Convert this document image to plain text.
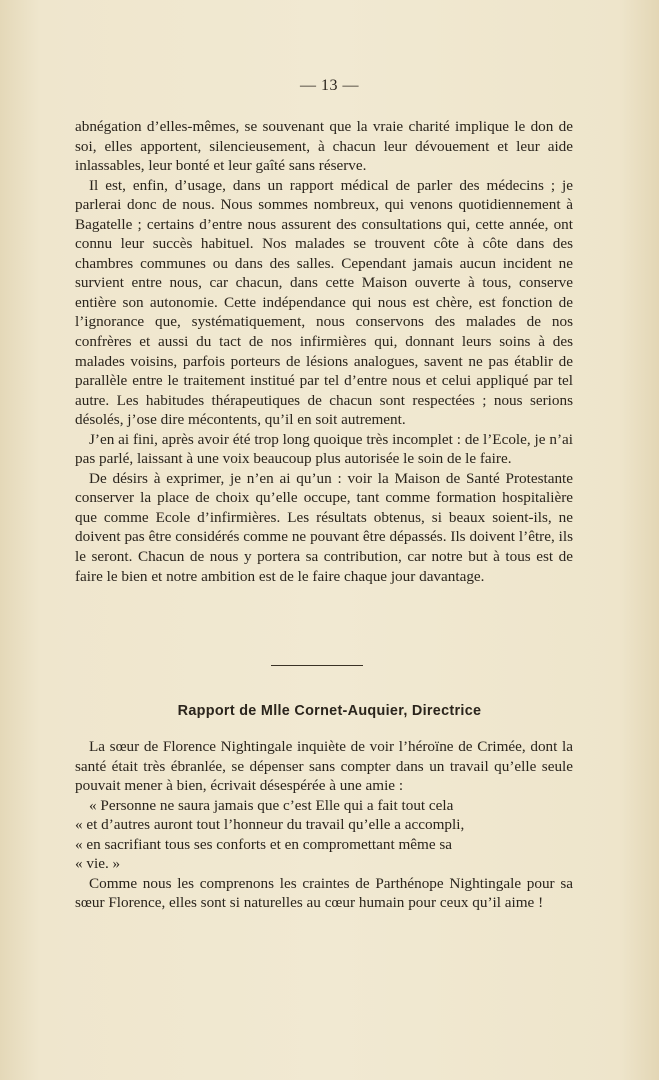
— 13 —

abnégation d’elles-mêmes, se souvenant que la vraie charité implique le don de soi, elles apportent, silencieusement, à chacun leur dévouement et leur aide inlassables, leur bonté et leur gaîté sans réserve.

Il est, enfin, d’usage, dans un rapport médical de parler des médecins ; je parlerai donc de nous. Nous sommes nombreux, qui venons quotidiennement à Bagatelle ; certains d’entre nous assurent des consultations qui, cette année, ont connu leur succès habituel. Nos malades se trouvent côte à côte dans des chambres communes ou dans des salles. Cependant jamais aucun incident ne survient entre nous, car chacun, dans cette Maison ouverte à tous, conserve entière son autonomie. Cette indépendance qui nous est chère, est fonction de l’ignorance que, systématiquement, nous conservons des malades de nos confrères et aussi du tact de nos infirmières qui, donnant leurs soins à des malades voisins, parfois porteurs de lésions analogues, savent ne pas établir de parallèle entre le traitement institué par tel d’entre nous et celui appliqué par tel autre. Les habitudes thérapeutiques de chacun sont respectées ; nous serions désolés, j’ose dire mécontents, qu’il en soit autrement.

J’en ai fini, après avoir été trop long quoique très incomplet : de l’Ecole, je n’ai pas parlé, laissant à une voix beaucoup plus autorisée le soin de le faire.

De désirs à exprimer, je n’en ai qu’un : voir la Maison de Santé Protestante conserver la place de choix qu’elle occupe, tant comme formation hospitalière que comme Ecole d’infirmières. Les résultats obtenus, si beaux soient-ils, ne doivent pas être considérés comme ne pouvant être dépassés. Ils doivent l’être, ils le seront. Chacun de nous y portera sa contribution, car notre but à tous est de faire le bien et notre ambition est de le faire chaque jour davantage.

Rapport de Mlle Cornet-Auquier, Directrice

La sœur de Florence Nightingale inquiète de voir l’héroïne de Crimée, dont la santé était très ébranlée, se dépenser sans compter dans un travail qu’elle seule pouvait mener à bien, écrivait désespérée à une amie :

« Personne ne saura jamais que c’est Elle qui a fait tout cela

« et d’autres auront tout l’honneur du travail qu’elle a accompli,

« en sacrifiant tous ses conforts et en compromettant même sa

« vie. »

Comme nous les comprenons les craintes de Parthénope Nightingale pour sa sœur Florence, elles sont si naturelles au cœur humain pour ceux qu’il aime !
